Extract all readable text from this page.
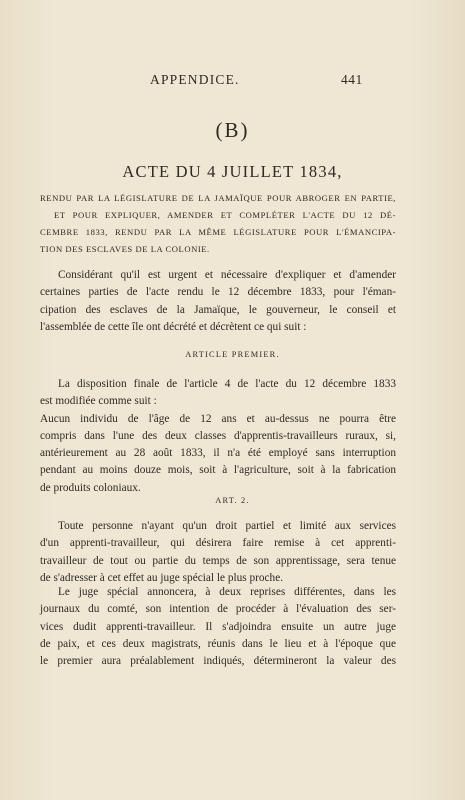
APPENDICE.	441
(B)
ACTE DU 4 JUILLET 1834,
RENDU PAR LA LÉGISLATURE DE LA JAMAÏQUE POUR ABROGER EN PARTIE,
ET POUR EXPLIQUER, AMENDER ET COMPLÉTER L'ACTE DU 12 DÉ-
CEMBRE 1833, RENDU PAR LA MÊME LÉGISLATURE POUR L'ÉMANCIPA-
TION DES ESCLAVES DE LA COLONIE.
Considérant qu'il est urgent et nécessaire d'expliquer et d'amender
certaines parties de l'acte rendu le 12 décembre 1833, pour l'éman-
cipation des esclaves de la Jamaïque, le gouverneur, le conseil et
l'assemblée de cette île ont décrété et décrètent ce qui suit :
ARTICLE PREMIER.
La disposition finale de l'article 4 de l'acte du 12 décembre 1833
est modifiée comme suit :
Aucun individu de l'âge de 12 ans et au-dessus ne pourra être
compris dans l'une des deux classes d'apprentis-travailleurs ruraux, si,
antérieurement au 28 août 1833, il n'a été employé sans interruption
pendant au moins douze mois, soit à l'agriculture, soit à la fabrication
de produits coloniaux.
ART. 2.
Toute personne n'ayant qu'un droit partiel et limité aux services
d'un apprenti-travailleur, qui désirera faire remise à cet apprenti-
travailleur de tout ou partie du temps de son apprentissage, sera tenue
de s'adresser à cet effet au juge spécial le plus proche.
Le juge spécial annoncera, à deux reprises différentes, dans les
journaux du comté, son intention de procéder à l'évaluation des ser-
vices dudit apprenti-travailleur. Il s'adjoindra ensuite un autre juge
de paix, et ces deux magistrats, réunis dans le lieu et à l'époque que
le premier aura préalablement indiqués, détermineront la valeur des
